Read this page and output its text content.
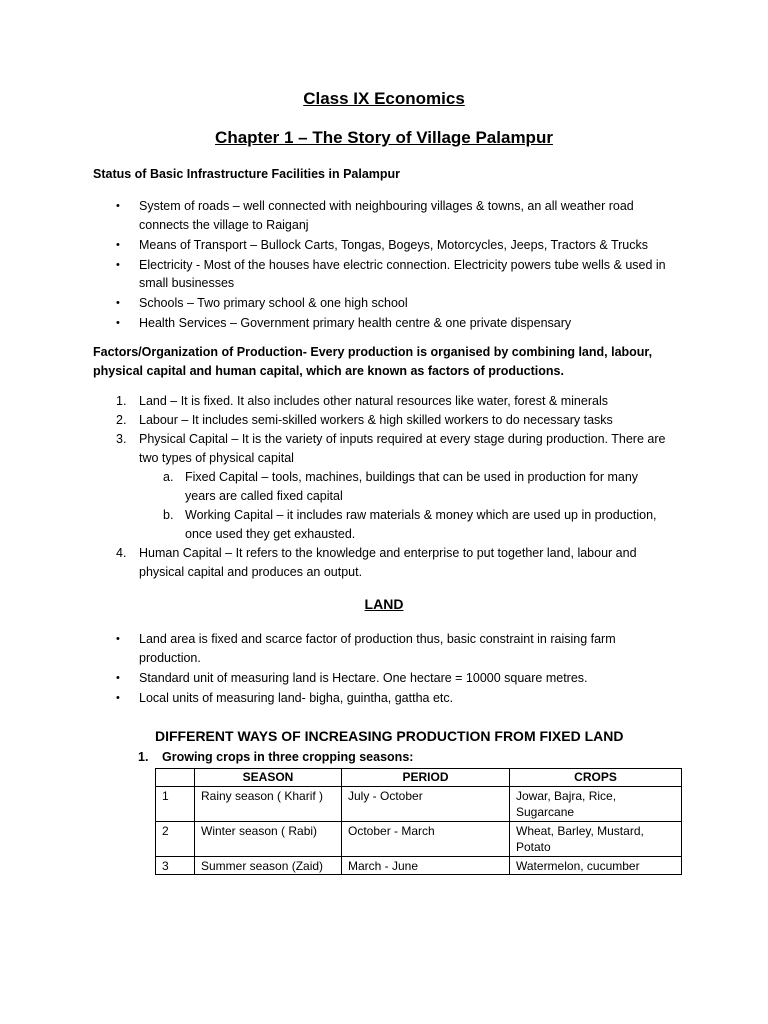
Class IX Economics
Chapter 1 – The Story of Village Palampur
Status of Basic Infrastructure Facilities in Palampur
• System of roads – well connected with neighbouring villages & towns, an all weather road connects the village to Raiganj
• Means of Transport – Bullock Carts, Tongas, Bogeys, Motorcycles, Jeeps, Tractors & Trucks
• Electricity - Most of the houses have electric connection. Electricity powers tube wells & used in small businesses
• Schools – Two primary school & one high school
• Health Services – Government primary health centre & one private dispensary
Factors/Organization of Production- Every production is organised by combining land, labour, physical capital and human capital, which are known as factors of productions.
1. Land – It is fixed. It also includes other natural resources like water, forest & minerals
2. Labour – It includes semi-skilled workers & high skilled workers to do necessary tasks
3. Physical Capital – It is the variety of inputs required at every stage during production. There are two types of physical capital
a. Fixed Capital – tools, machines, buildings that can be used in production for many years are called fixed capital
b. Working Capital – it includes raw materials & money which are used up in production, once used they get exhausted.
4. Human Capital – It refers to the knowledge and enterprise to put together land, labour and physical capital and produces an output.
LAND
• Land area is fixed and scarce factor of production thus, basic constraint in raising farm production.
• Standard unit of measuring land is Hectare. One hectare = 10000 square metres.
• Local units of measuring land- bigha, guintha, gattha etc.
DIFFERENT WAYS OF INCREASING PRODUCTION FROM FIXED LAND
1. Growing crops in three cropping seasons:
	SEASON	PERIOD	CROPS
1	Rainy season ( Kharif )	July - October	Jowar, Bajra, Rice, Sugarcane
2	Winter season ( Rabi)	October - March	Wheat, Barley, Mustard, Potato
3	Summer season (Zaid)	March - June	Watermelon, cucumber
